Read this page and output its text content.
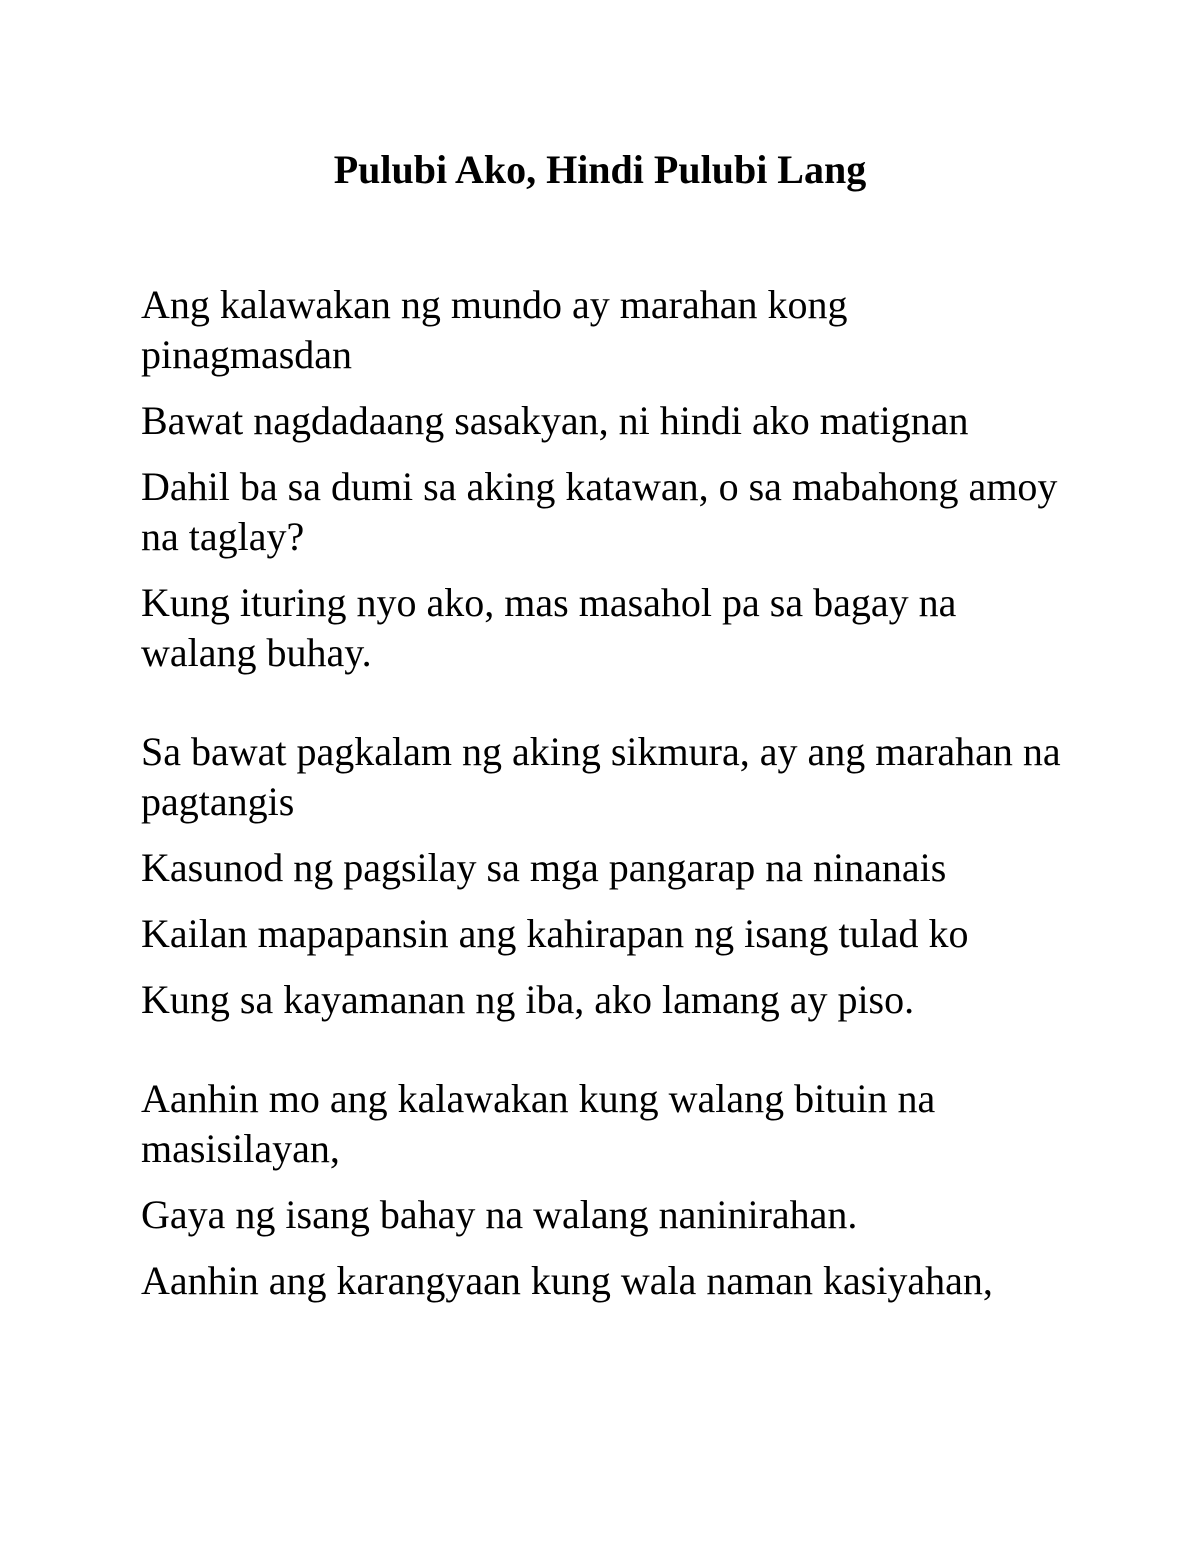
Pulubi Ako, Hindi Pulubi Lang

Ang kalawakan ng mundo ay marahan kong pinagmasdan

Bawat nagdadaang sasakyan, ni hindi ako matignan

Dahil ba sa dumi sa aking katawan, o sa mabahong amoy na taglay?

Kung ituring nyo ako, mas masahol pa sa bagay na walang buhay.

Sa bawat pagkalam ng aking sikmura, ay ang marahan na pagtangis

Kasunod ng pagsilay sa mga pangarap na ninanais

Kailan mapapansin ang kahirapan ng isang tulad ko

Kung sa kayamanan ng iba, ako lamang ay piso.

Aanhin mo ang kalawakan kung walang bituin na masisilayan,

Gaya ng isang bahay na walang naninirahan.

Aanhin ang karangyaan kung wala naman kasiyahan,
